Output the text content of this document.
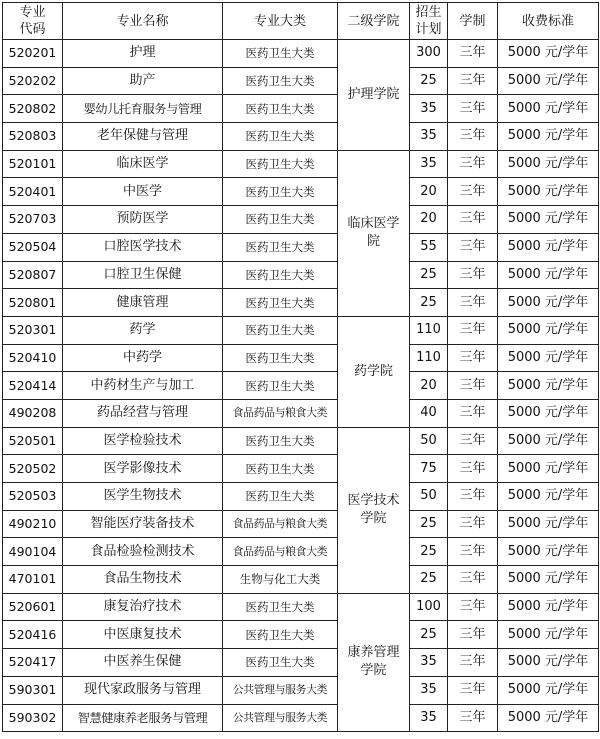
专业代码	专业名称	专业大类	二级学院	招生计划	学制	收费标准
520201	护理	医药卫生大类	护理学院	300	三年	5000 元/学年
520202	助产	医药卫生大类		25	三年	5000 元/学年
520802	婴幼儿托育服务与管理	医药卫生大类		35	三年	5000 元/学年
520803	老年保健与管理	医药卫生大类		35	三年	5000 元/学年
520101	临床医学	医药卫生大类	临床医学院	35	三年	5000 元/学年
520401	中医学	医药卫生大类		20	三年	5000 元/学年
520703	预防医学	医药卫生大类		20	三年	5000 元/学年
520504	口腔医学技术	医药卫生大类		55	三年	5000 元/学年
520807	口腔卫生保健	医药卫生大类		25	三年	5000 元/学年
520801	健康管理	医药卫生大类		25	三年	5000 元/学年
520301	药学	医药卫生大类	药学院	110	三年	5000 元/学年
520410	中药学	医药卫生大类		110	三年	5000 元/学年
520414	中药材生产与加工	医药卫生大类		20	三年	5000 元/学年
490208	药品经营与管理	食品药品与粮食大类		40	三年	5000 元/学年
520501	医学检验技术	医药卫生大类	医学技术学院	50	三年	5000 元/学年
520502	医学影像技术	医药卫生大类		75	三年	5000 元/学年
520503	医学生物技术	医药卫生大类		50	三年	5000 元/学年
490210	智能医疗装备技术	食品药品与粮食大类		25	三年	5000 元/学年
490104	食品检验检测技术	食品药品与粮食大类		25	三年	5000 元/学年
470101	食品生物技术	生物与化工大类		25	三年	5000 元/学年
520601	康复治疗技术	医药卫生大类	康养管理学院	100	三年	5000 元/学年
520416	中医康复技术	医药卫生大类		25	三年	5000 元/学年
520417	中医养生保健	医药卫生大类		35	三年	5000 元/学年
590301	现代家政服务与管理	公共管理与服务大类		35	三年	5000 元/学年
590302	智慧健康养老服务与管理	公共管理与服务大类		35	三年	5000 元/学年
